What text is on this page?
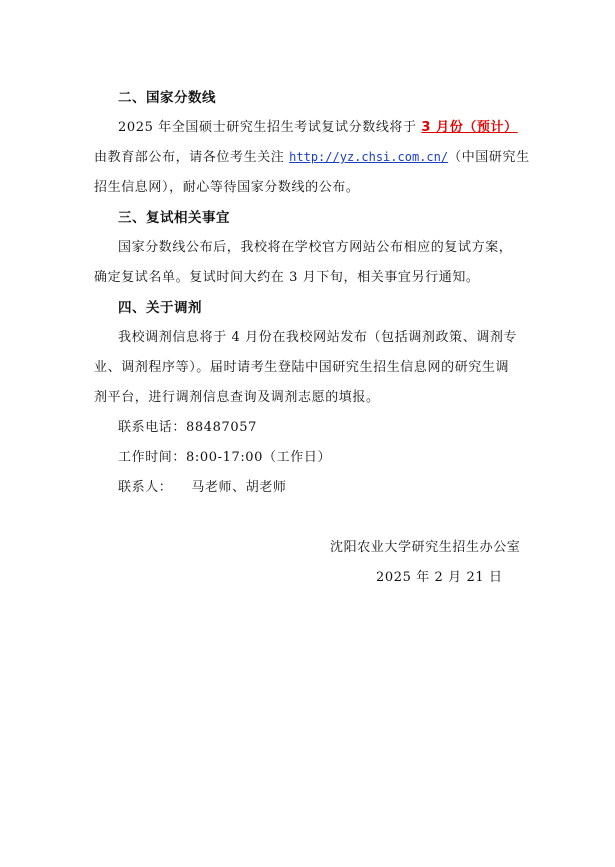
二、国家分数线
2025 年全国硕士研究生招生考试复试分数线将于 3 月份（预计）
由教育部公布，请各位考生关注 http://yz.chsi.com.cn/（中国研究生
招生信息网），耐心等待国家分数线的公布。
三、复试相关事宜
国家分数线公布后，我校将在学校官方网站公布相应的复试方案，
确定复试名单。复试时间大约在 3 月下旬，相关事宜另行通知。
四、关于调剂
我校调剂信息将于 4 月份在我校网站发布（包括调剂政策、调剂专
业、调剂程序等）。届时请考生登陆中国研究生招生信息网的研究生调
剂平台，进行调剂信息查询及调剂志愿的填报。
联系电话：88487057
工作时间：8:00-17:00（工作日）
联系人：    马老师、胡老师
沈阳农业大学研究生招生办公室
2025 年 2 月 21 日
